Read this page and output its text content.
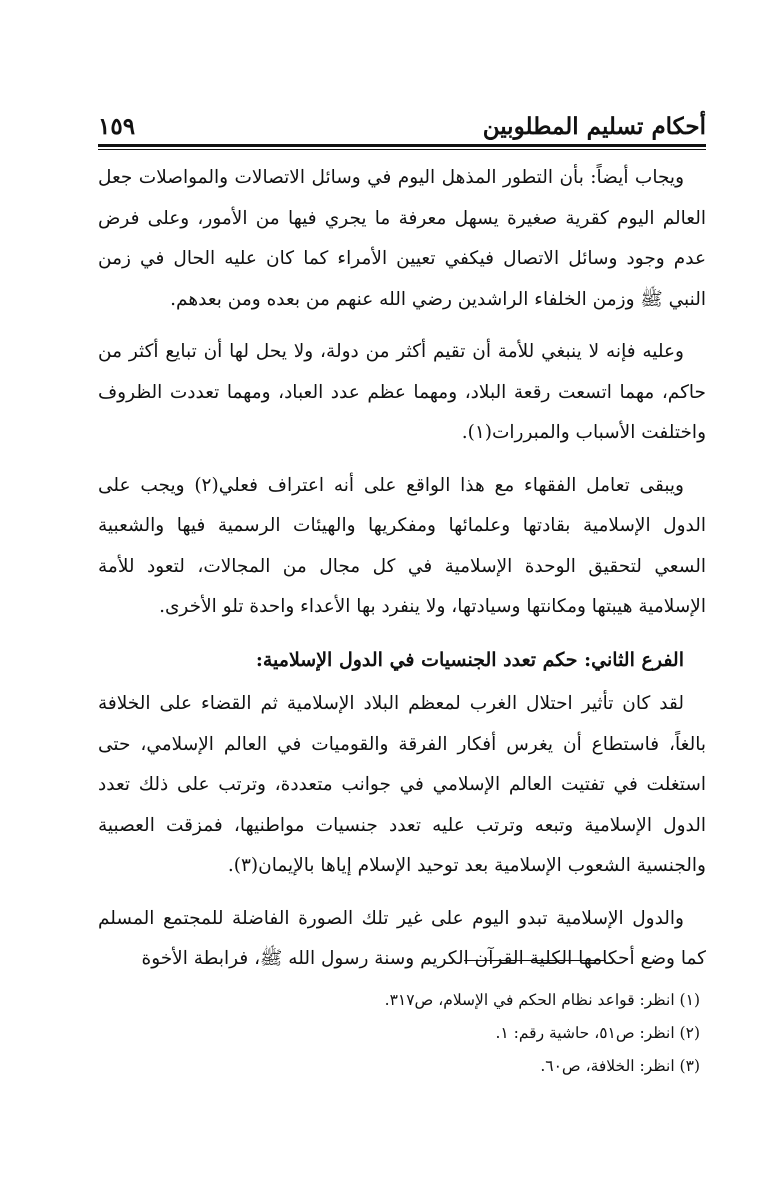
أحكام تسليم المطلوبين
١٥٩

ويجاب أيضاً: بأن التطور المذهل اليوم في وسائل الاتصالات والمواصلات جعل العالم اليوم كقرية صغيرة يسهل معرفة ما يجري فيها من الأمور، وعلى فرض عدم وجود وسائل الاتصال فيكفي تعيين الأمراء كما كان عليه الحال في زمن النبي ﷺ وزمن الخلفاء الراشدين رضي الله عنهم من بعده ومن بعدهم.

وعليه فإنه لا ينبغي للأمة أن تقيم أكثر من دولة، ولا يحل لها أن تبايع أكثر من حاكم، مهما اتسعت رقعة البلاد، ومهما عظم عدد العباد، ومهما تعددت الظروف واختلفت الأسباب والمبررات(١).

ويبقى تعامل الفقهاء مع هذا الواقع على أنه اعتراف فعلي(٢) ويجب على الدول الإسلامية بقادتها وعلمائها ومفكريها والهيئات الرسمية فيها والشعبية السعي لتحقيق الوحدة الإسلامية في كل مجال من المجالات، لتعود للأمة الإسلامية هيبتها ومكانتها وسيادتها، ولا ينفرد بها الأعداء واحدة تلو الأخرى.

الفرع الثاني: حكم تعدد الجنسيات في الدول الإسلامية:

لقد كان تأثير احتلال الغرب لمعظم البلاد الإسلامية ثم القضاء على الخلافة بالغاً، فاستطاع أن يغرس أفكار الفرقة والقوميات في العالم الإسلامي، حتى استغلت في تفتيت العالم الإسلامي في جوانب متعددة، وترتب على ذلك تعدد الدول الإسلامية وتبعه وترتب عليه تعدد جنسيات مواطنيها، فمزقت العصبية والجنسية الشعوب الإسلامية بعد توحيد الإسلام إياها بالإيمان(٣).

والدول الإسلامية تبدو اليوم على غير تلك الصورة الفاضلة للمجتمع المسلم كما وضع أحكامها الكلية القرآن الكريم وسنة رسول الله ﷺ، فرابطة الأخوة

(١) انظر: قواعد نظام الحكم في الإسلام، ص٣١٧.

(٢) انظر: ص٥١، حاشية رقم: ١.

(٣) انظر: الخلافة، ص٦٠.
